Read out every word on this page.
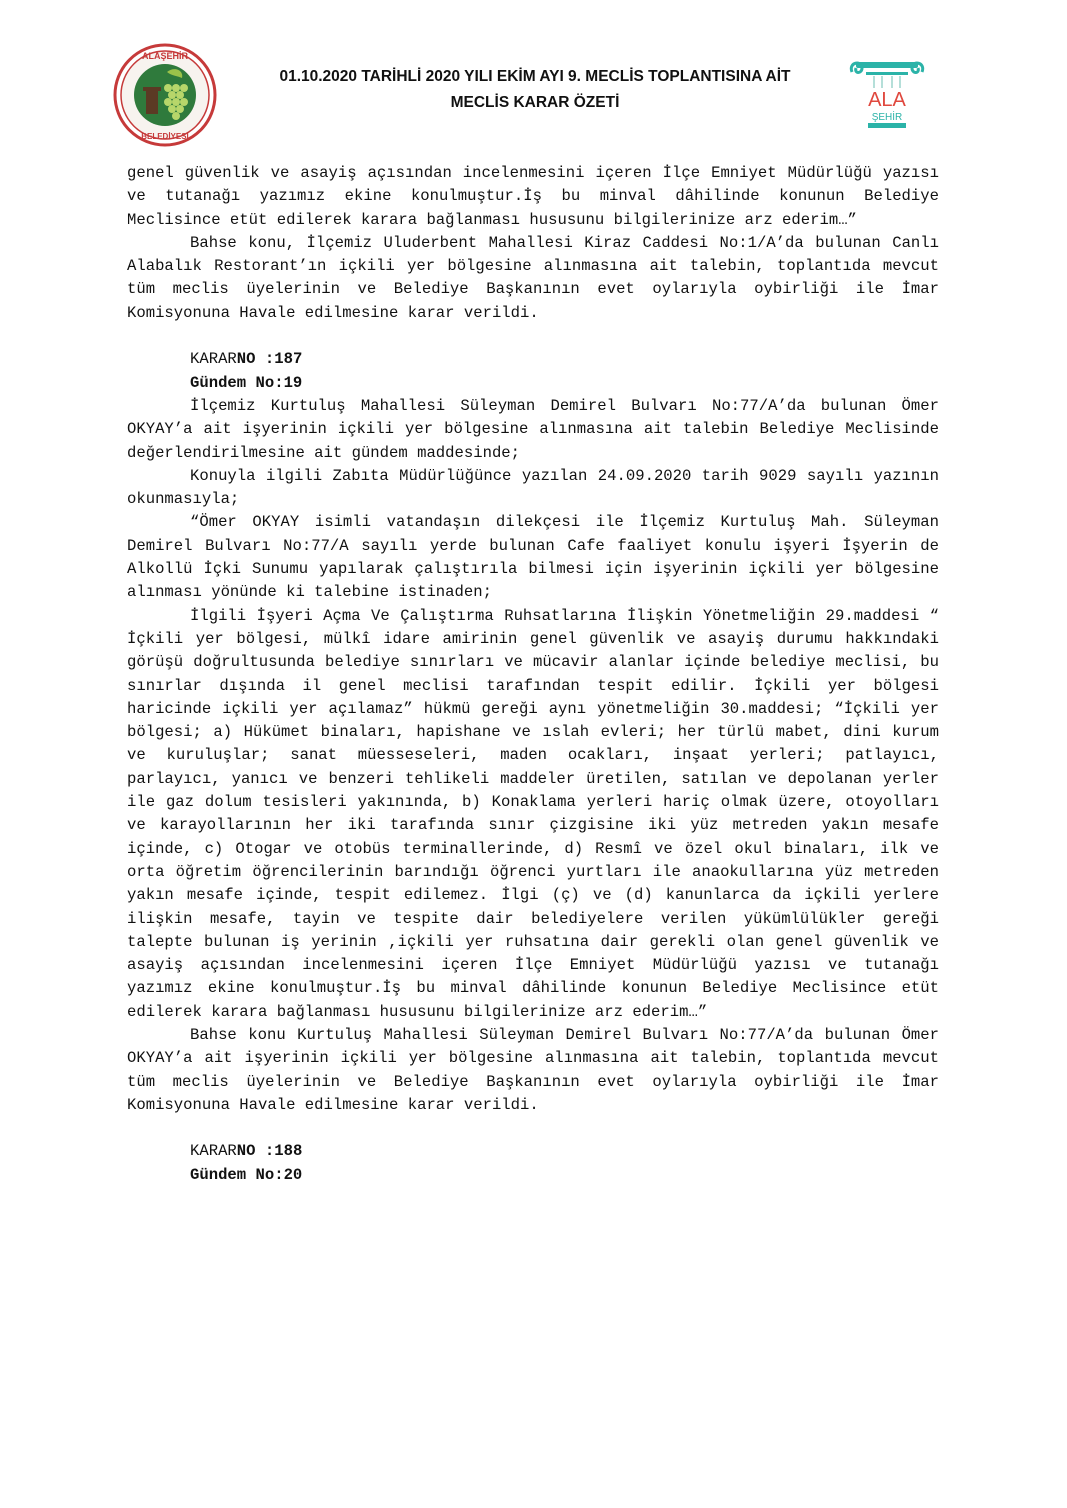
ALAŞEHİR
BELEDİYESİ
01.10.2020 TARİHLİ 2020 YILI EKİM AYI 9. MECLİS TOPLANTISINA AİT
MECLİS KARAR ÖZETİ	ALA
ŞEHİR

genel güvenlik ve asayiş açısından incelenmesini içeren İlçe Emniyet Müdürlüğü yazısı ve tutanağı yazımız ekine konulmuştur.İş bu minval dâhilinde konunun Belediye Meclisince etüt edilerek karara bağlanması hususunu bilgilerinize arz ederim…”

Bahse konu, İlçemiz Uluderbent Mahallesi Kiraz Caddesi No:1/A’da bulunan Canlı Alabalık Restorant’ın içkili yer bölgesine alınmasına ait talebin, toplantıda mevcut tüm meclis üyelerinin ve Belediye Başkanının evet oylarıyla oybirliği ile İmar Komisyonuna Havale edilmesine karar verildi.

KARARNO :187

Gündem No:19

İlçemiz Kurtuluş Mahallesi Süleyman Demirel Bulvarı No:77/A’da bulunan Ömer OKYAY’a ait işyerinin içkili yer bölgesine alınmasına ait talebin Belediye Meclisinde değerlendirilmesine ait gündem maddesinde;

Konuyla ilgili Zabıta Müdürlüğünce yazılan 24.09.2020 tarih 9029 sayılı yazının okunmasıyla;

“Ömer OKYAY isimli vatandaşın dilekçesi ile İlçemiz Kurtuluş Mah. Süleyman Demirel Bulvarı No:77/A sayılı yerde bulunan Cafe faaliyet konulu işyeri İşyerin de Alkollü İçki Sunumu yapılarak çalıştırıla bilmesi için işyerinin içkili yer bölgesine alınması yönünde ki talebine istinaden;

İlgili İşyeri Açma Ve Çalıştırma Ruhsatlarına İlişkin Yönetmeliğin 29.maddesi “ İçkili yer bölgesi, mülkî idare amirinin genel güvenlik ve asayiş durumu hakkındaki görüşü doğrultusunda belediye sınırları ve mücavir alanlar içinde belediye meclisi, bu sınırlar dışında il genel meclisi tarafından tespit edilir. İçkili yer bölgesi haricinde içkili yer açılamaz” hükmü gereği aynı yönetmeliğin 30.maddesi; “İçkili yer bölgesi; a) Hükümet binaları, hapishane ve ıslah evleri; her türlü mabet, dini kurum ve kuruluşlar; sanat müesseseleri, maden ocakları, inşaat yerleri; patlayıcı, parlayıcı, yanıcı ve benzeri tehlikeli maddeler üretilen, satılan ve depolanan yerler ile gaz dolum tesisleri yakınında, b) Konaklama yerleri hariç olmak üzere, otoyolları ve karayollarının her iki tarafında sınır çizgisine iki yüz metreden yakın mesafe içinde, c) Otogar ve otobüs terminallerinde, d) Resmî ve özel okul binaları, ilk ve orta öğretim öğrencilerinin barındığı öğrenci yurtları ile anaokullarına yüz metreden yakın mesafe içinde, tespit edilemez. İlgi (ç) ve (d) kanunlarca da içkili yerlere ilişkin mesafe, tayin ve tespite dair belediyelere verilen yükümlülükler gereği talepte bulunan iş yerinin ,içkili yer ruhsatına dair gerekli olan genel güvenlik ve asayiş açısından incelenmesini içeren İlçe Emniyet Müdürlüğü yazısı ve tutanağı yazımız ekine konulmuştur.İş bu minval dâhilinde konunun Belediye Meclisince etüt edilerek karara bağlanması hususunu bilgilerinize arz ederim…”

Bahse konu Kurtuluş Mahallesi Süleyman Demirel Bulvarı No:77/A’da bulunan Ömer OKYAY’a ait işyerinin içkili yer bölgesine alınmasına ait talebin, toplantıda mevcut tüm meclis üyelerinin ve Belediye Başkanının evet oylarıyla oybirliği ile İmar Komisyonuna Havale edilmesine karar verildi.

KARARNO :188

Gündem No:20
